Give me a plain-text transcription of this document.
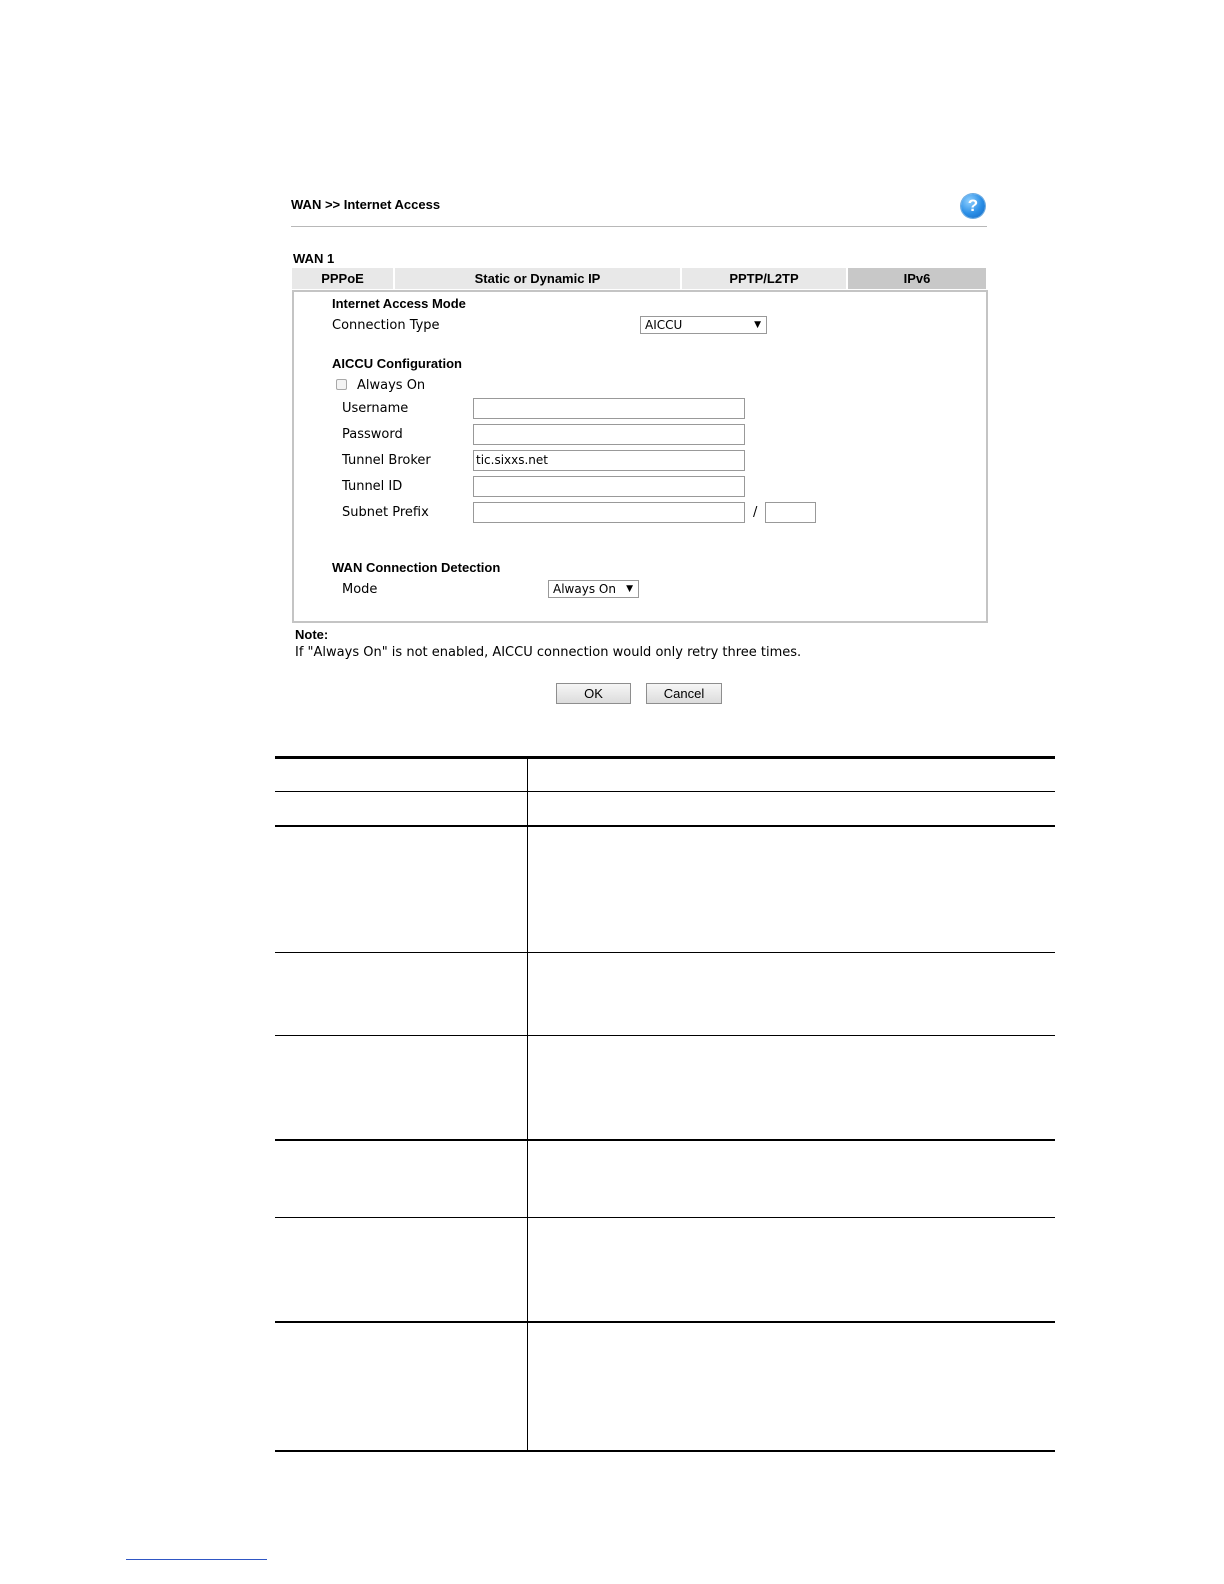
WAN >> Internet Access	?
WAN 1
PPPoE	Static or Dynamic IP	PPTP/L2TP	IPv6
Internet Access Mode
Connection Type	AICCU	▼
AICCU Configuration
Always On
Username
Password
Tunnel Broker	tic.sixxs.net
Tunnel ID
Subnet Prefix	/
WAN Connection Detection
Mode	Always On ▼
Note:
If "Always On" is not enabled, AICCU connection would only retry three times.
OK	Cancel
